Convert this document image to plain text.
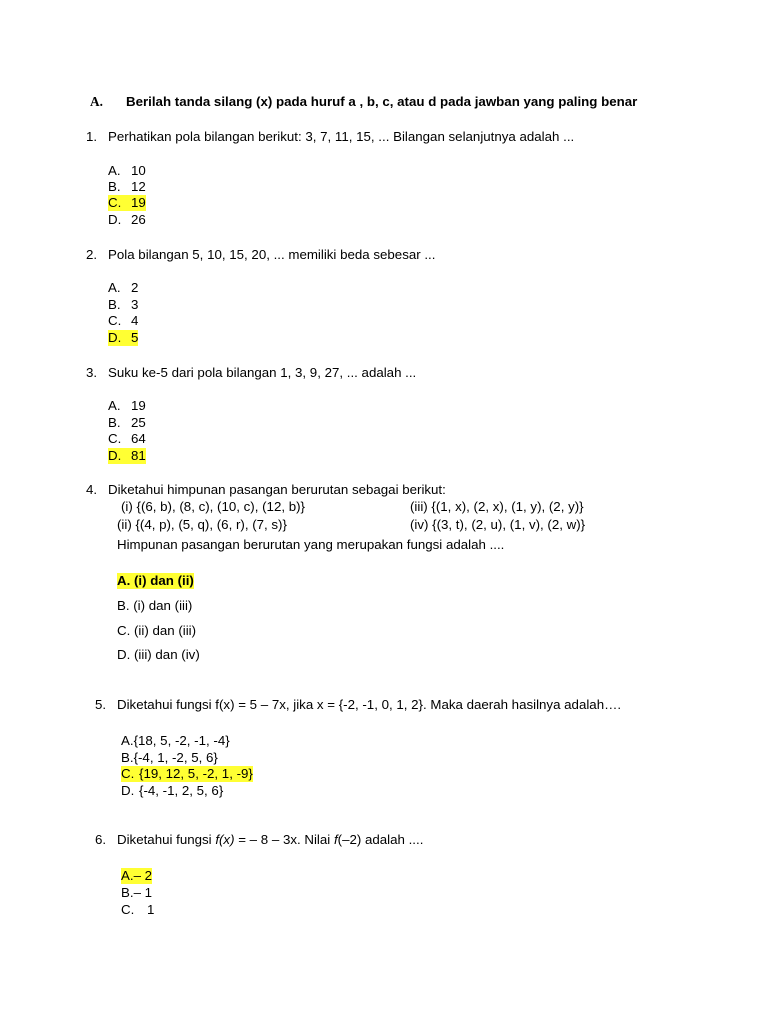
A. Berilah tanda silang (x) pada huruf a , b, c, atau d pada jawban yang paling benar
1. Perhatikan pola bilangan berikut: 3, 7, 11, 15, ... Bilangan selanjutnya adalah ...
A. 10
B. 12
C. 19
D. 26
2. Pola bilangan 5, 10, 15, 20, ... memiliki beda sebesar ...
A. 2
B. 3
C. 4
D. 5
3. Suku ke-5 dari pola bilangan 1, 3, 9, 27, ... adalah ...
A. 19
B. 25
C. 64
D. 81
4. Diketahui himpunan pasangan berurutan sebagai berikut:
(i) {(6, b), (8, c), (10, c), (12, b)}
(ii) {(4, p), (5, q), (6, r), (7, s)}
(iii) {(1, x), (2, x), (1, y), (2, y)}
(iv) {(3, t), (2, u), (1, v), (2, w)}
Himpunan pasangan berurutan yang merupakan fungsi adalah ....
A. (i) dan (ii)
B. (i) dan (iii)
C. (ii) dan (iii)
D. (iii) dan (iv)
5. Diketahui fungsi f(x) = 5 – 7x, jika x = {-2, -1, 0, 1, 2}. Maka daerah hasilnya adalah….
A.{18, 5, -2, -1, -4}
B.{-4, 1, -2, 5, 6}
C. {19, 12, 5, -2, 1, -9}
D. {-4, -1, 2, 5, 6}
6. Diketahui fungsi f(x) = – 8 – 3x. Nilai f(–2) adalah ....
A.– 2
B.– 1
C. 1
